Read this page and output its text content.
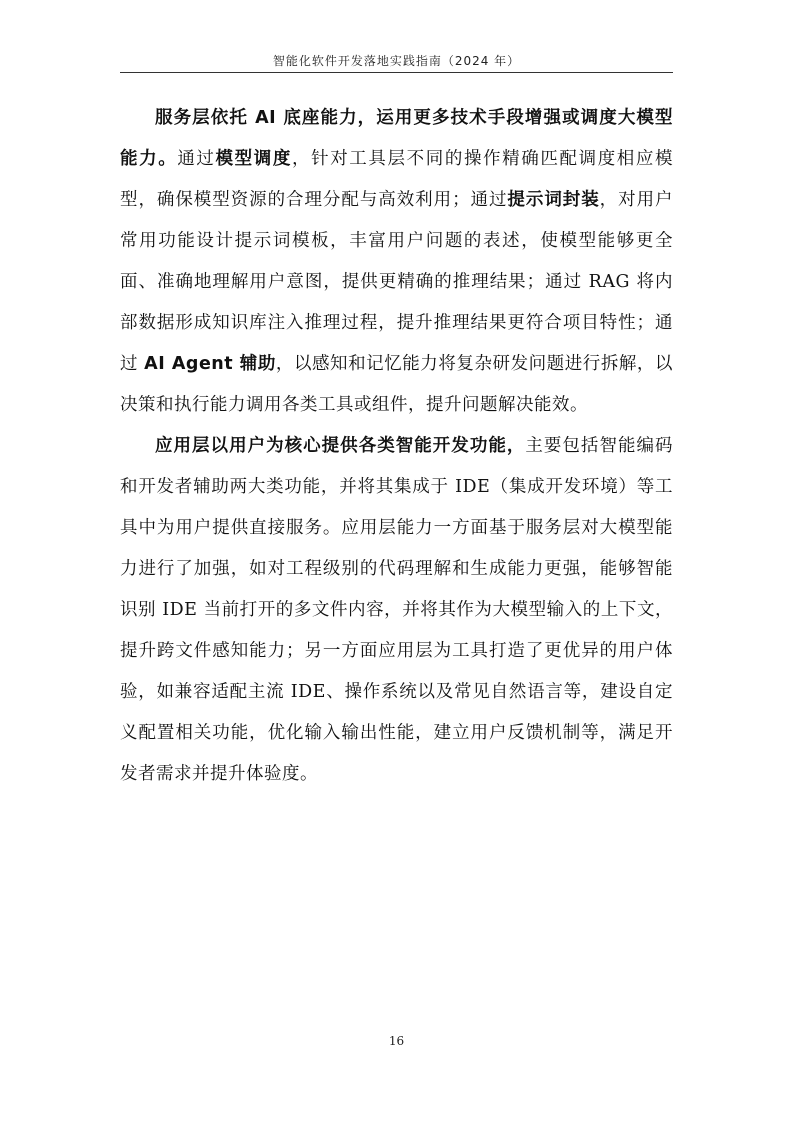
智能化软件开发落地实践指南（2024 年）

服务层依托 AI 底座能力，运用更多技术手段增强或调度大模型能力。通过模型调度，针对工具层不同的操作精确匹配调度相应模型，确保模型资源的合理分配与高效利用；通过提示词封装，对用户常用功能设计提示词模板，丰富用户问题的表述，使模型能够更全面、准确地理解用户意图，提供更精确的推理结果；通过 RAG 将内部数据形成知识库注入推理过程，提升推理结果更符合项目特性；通过 AI Agent 辅助，以感知和记忆能力将复杂研发问题进行拆解，以决策和执行能力调用各类工具或组件，提升问题解决能效。

应用层以用户为核心提供各类智能开发功能，主要包括智能编码和开发者辅助两大类功能，并将其集成于 IDE（集成开发环境）等工具中为用户提供直接服务。应用层能力一方面基于服务层对大模型能力进行了加强，如对工程级别的代码理解和生成能力更强，能够智能识别 IDE 当前打开的多文件内容，并将其作为大模型输入的上下文，提升跨文件感知能力；另一方面应用层为工具打造了更优异的用户体验，如兼容适配主流 IDE、操作系统以及常见自然语言等，建设自定义配置相关功能，优化输入输出性能，建立用户反馈机制等，满足开发者需求并提升体验度。

16
